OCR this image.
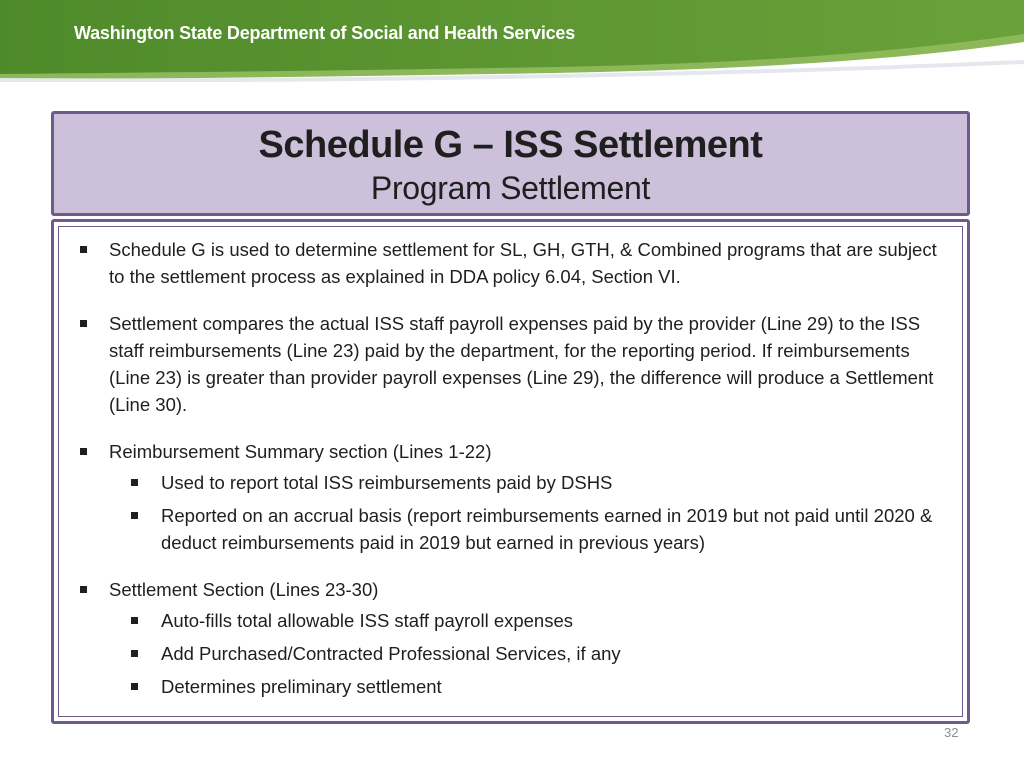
Washington State Department of Social and Health Services
Schedule G – ISS Settlement
Program Settlement
Schedule G is used to determine settlement for SL, GH, GTH, & Combined programs that are subject to the settlement process as explained in DDA policy 6.04, Section VI.
Settlement compares the actual ISS staff payroll expenses paid by the provider (Line 29) to the ISS staff reimbursements (Line 23) paid by the department, for the reporting period. If reimbursements (Line 23) is greater than provider payroll expenses (Line 29), the difference will produce a Settlement (Line 30).
Reimbursement Summary section (Lines 1-22)
Used to report total ISS reimbursements paid by DSHS
Reported on an accrual basis (report reimbursements earned in 2019 but not paid until 2020 & deduct reimbursements paid in 2019 but earned in previous years)
Settlement Section (Lines 23-30)
Auto-fills total allowable ISS staff payroll expenses
Add Purchased/Contracted Professional Services, if any
Determines preliminary settlement
32
